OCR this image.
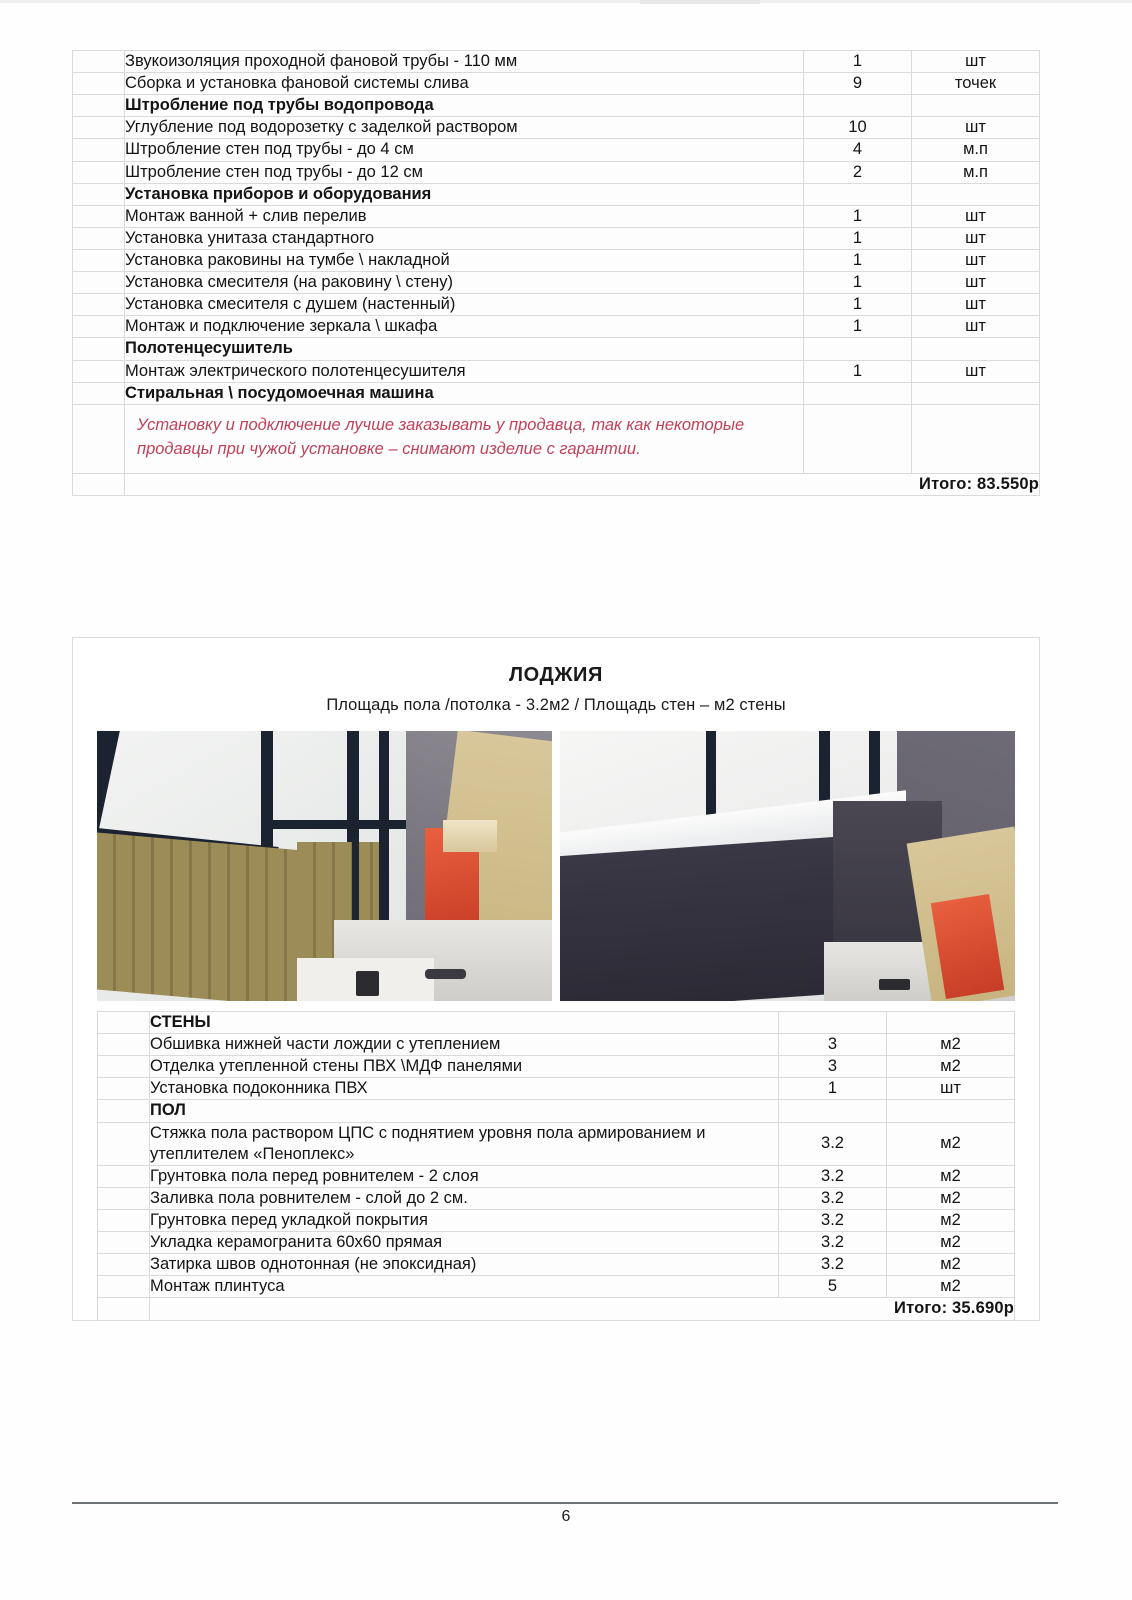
	Звукоизоляция проходной фановой трубы - 110 мм	1	шт
	Сборка и установка фановой системы слива	9	точек
	Штробление под трубы водопровода		
	Углубление под водорозетку с заделкой раствором	10	шт
	Штробление стен под трубы - до 4 см	4	м.п
	Штробление стен под трубы - до 12 см	2	м.п
	Установка приборов и оборудования		
	Монтаж ванной + слив перелив	1	шт
	Установка унитаза стандартного	1	шт
	Установка раковины на тумбе \ накладной	1	шт
	Установка смесителя (на раковину \ стену)	1	шт
	Установка смесителя с душем (настенный)	1	шт
	Монтаж и подключение зеркала \ шкафа	1	шт
	Полотенцесушитель		
	Монтаж электрического полотенцесушителя	1	шт
	Стиральная \ посудомоечная машина		
	Установку и подключение лучше заказывать у продавца, так как некоторые продавцы при чужой установке – снимают изделие с гарантии.		
	Итого: 83.550р		
ЛОДЖИЯ
Площадь пола /потолка - 3.2м2 / Площадь стен – м2 стены
	СТЕНЫ		
	Обшивка нижней части лождии с утеплением	3	м2
	Отделка утепленной стены ПВХ \МДФ панелями	3	м2
	Установка подоконника ПВХ	1	шт
	ПОЛ		
	Стяжка пола раствором ЦПС с поднятием уровня пола армированием и утеплителем «Пеноплекс»	3.2	м2
	Грунтовка пола перед ровнителем - 2 слоя	3.2	м2
	Заливка пола ровнителем - слой до 2 см.	3.2	м2
	Грунтовка перед укладкой покрытия	3.2	м2
	Укладка керамогранита 60х60 прямая	3.2	м2
	Затирка швов однотонная (не эпоксидная)	3.2	м2
	Монтаж плинтуса	5	м2
	Итого: 35.690р		
6
